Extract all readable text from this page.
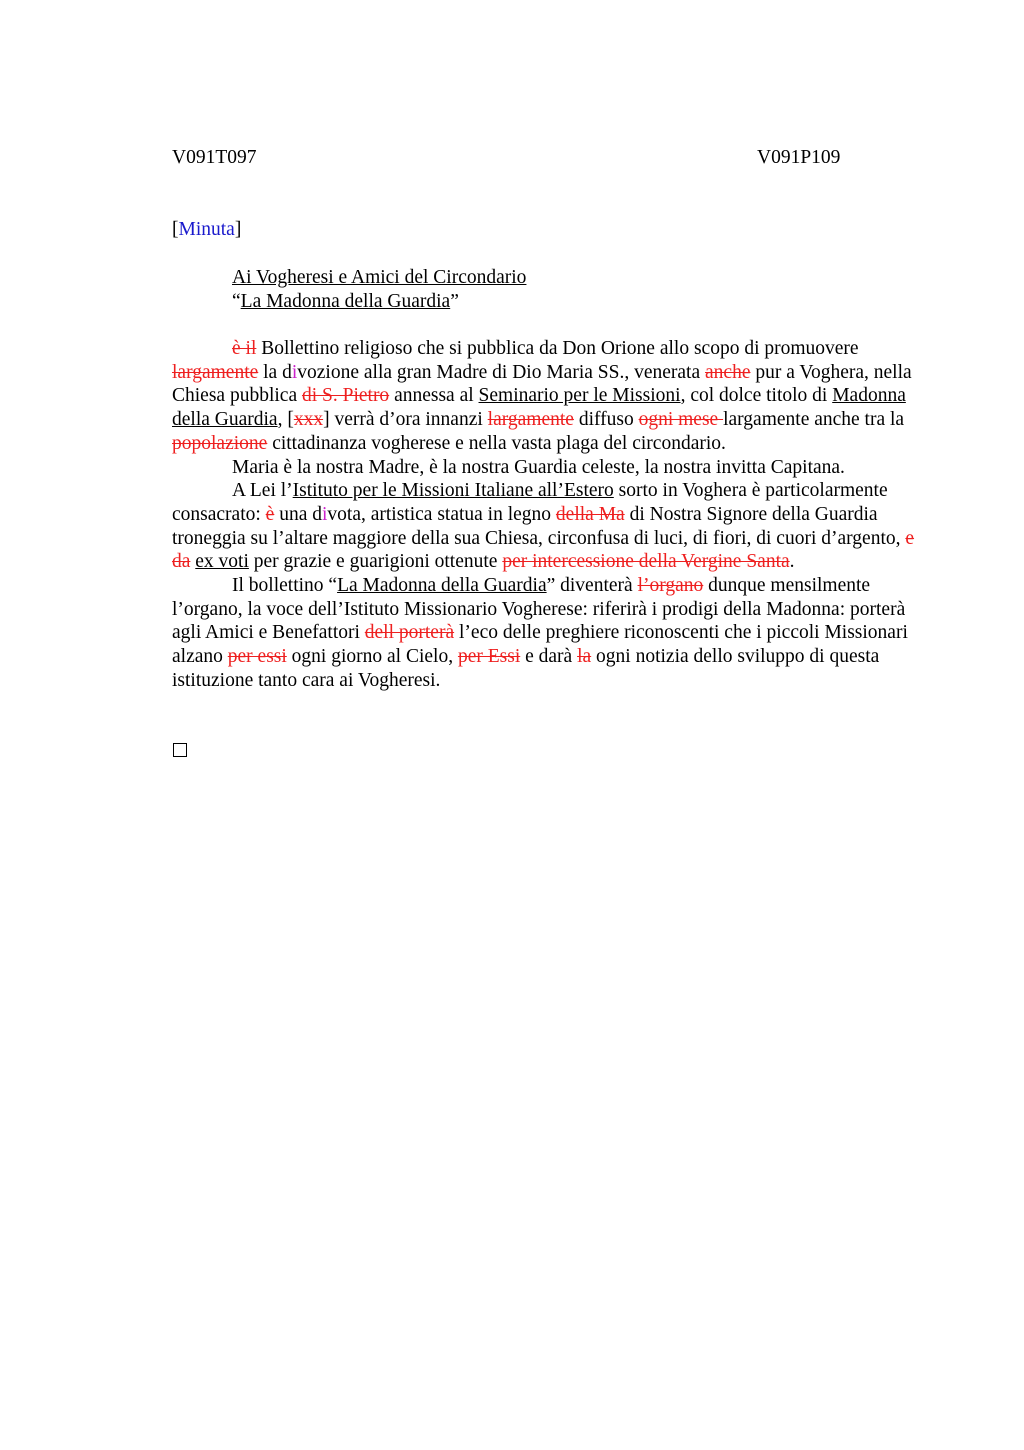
V091T097	V091P109
[Minuta]
Ai Vogheresi e Amici del Circondario
“La Madonna della Guardia”

è il Bollettino religioso che si pubblica da Don Orione allo scopo di promuovere largamente la divozione alla gran Madre di Dio Maria SS., venerata anche pur a Voghera, nella Chiesa pubblica di S. Pietro annessa al Seminario per le Missioni, col dolce titolo di Madonna della Guardia, [xxx] verrà d’ora innanzi largamente diffuso ogni mese largamente anche tra la popolazione cittadinanza vogherese e nella vasta plaga del circondario.

Maria è la nostra Madre, è la nostra Guardia celeste, la nostra invitta Capitana.

A Lei l’Istituto per le Missioni Italiane all’Estero sorto in Voghera è particolarmente consacrato: è una divota, artistica statua in legno della Ma di Nostra Signore della Guardia troneggia su l’altare maggiore della sua Chiesa, circonfusa di luci, di fiori, di cuori d’argento, e da ex voti per grazie e guarigioni ottenute per intercessione della Vergine Santa.

Il bollettino “La Madonna della Guardia” diventerà l’organo dunque mensilmente l’organo, la voce dell’Istituto Missionario Vogherese: riferirà i prodigi della Madonna: porterà agli Amici e Benefattori dell porterà l’eco delle preghiere riconoscenti che i piccoli Missionari alzano per essi ogni giorno al Cielo, per Essi e darà la ogni notizia dello sviluppo di questa istituzione tanto cara ai Vogheresi.
